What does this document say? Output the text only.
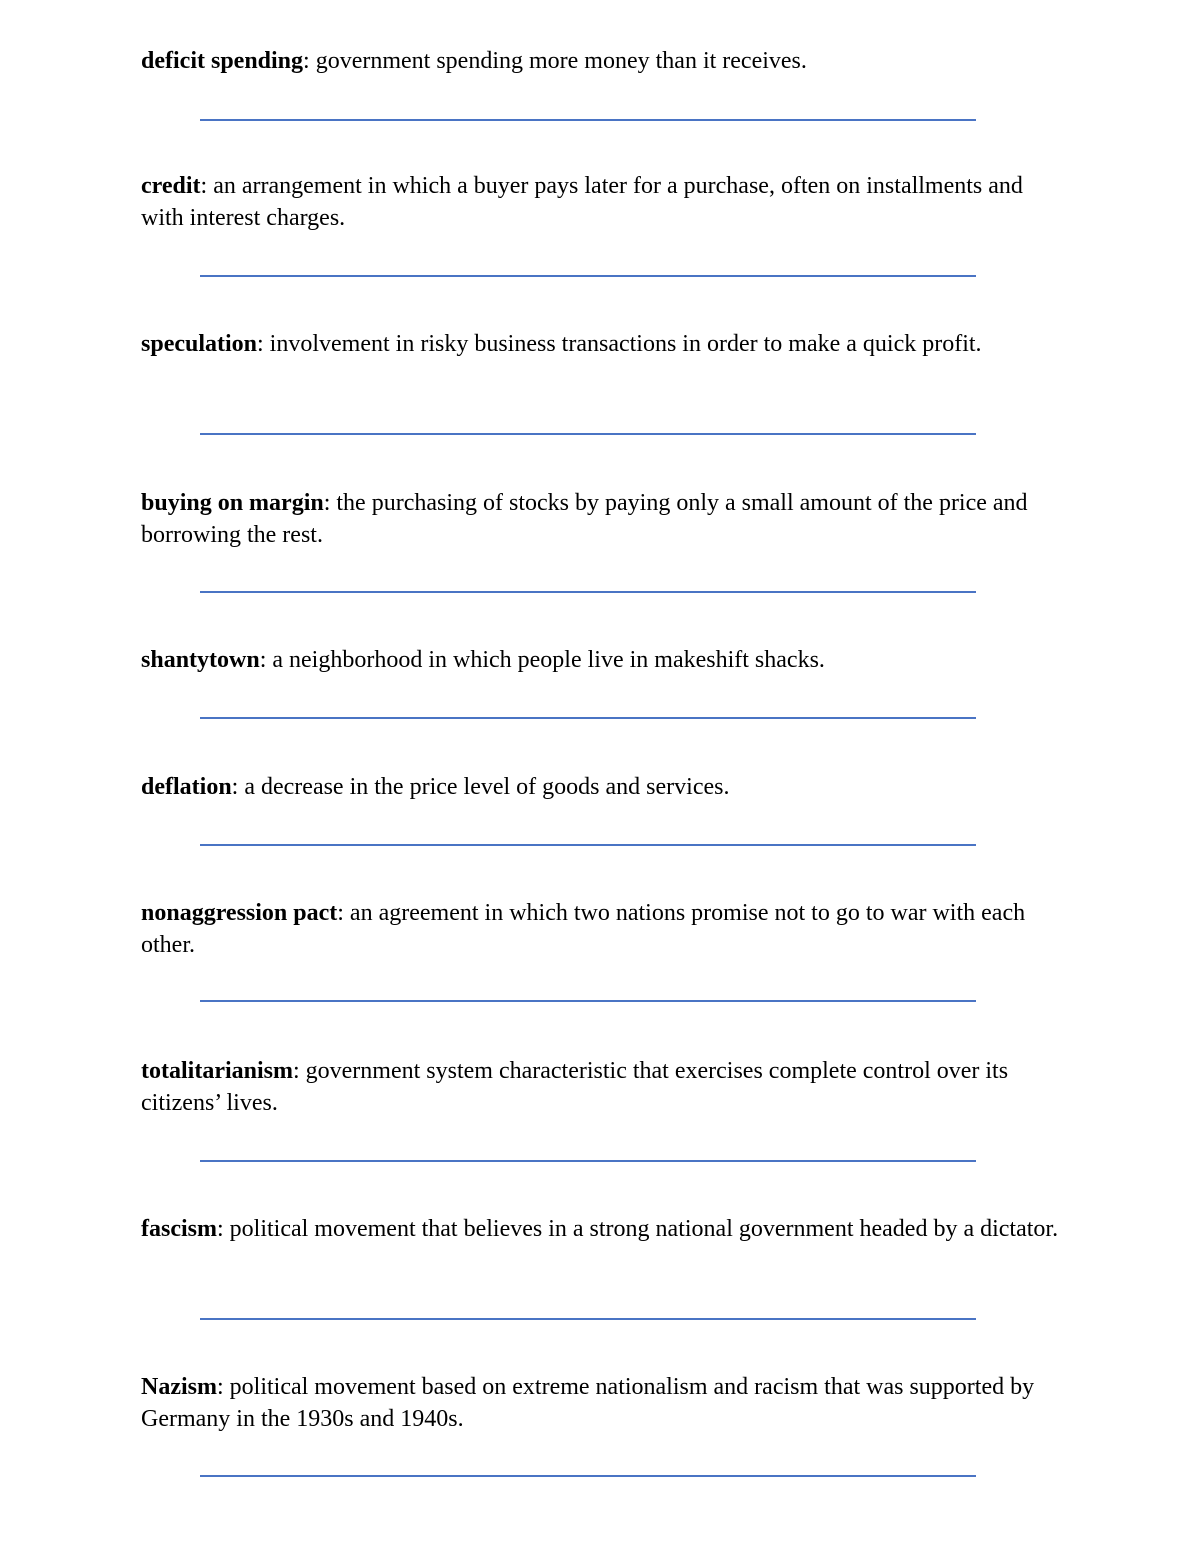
deficit spending: government spending more money than it receives.

credit: an arrangement in which a buyer pays later for a purchase, often on installments and with interest charges.

speculation: involvement in risky business transactions in order to make a quick profit.

buying on margin: the purchasing of stocks by paying only a small amount of the price and borrowing the rest.

shantytown: a neighborhood in which people live in makeshift shacks.

deflation: a decrease in the price level of goods and services.

nonaggression pact: an agreement in which two nations promise not to go to war with each other.

totalitarianism: government system characteristic that exercises complete control over its citizens’ lives.

fascism: political movement that believes in a strong national government headed by a dictator.

Nazism: political movement based on extreme nationalism and racism that was supported by Germany in the 1930s and 1940s.
